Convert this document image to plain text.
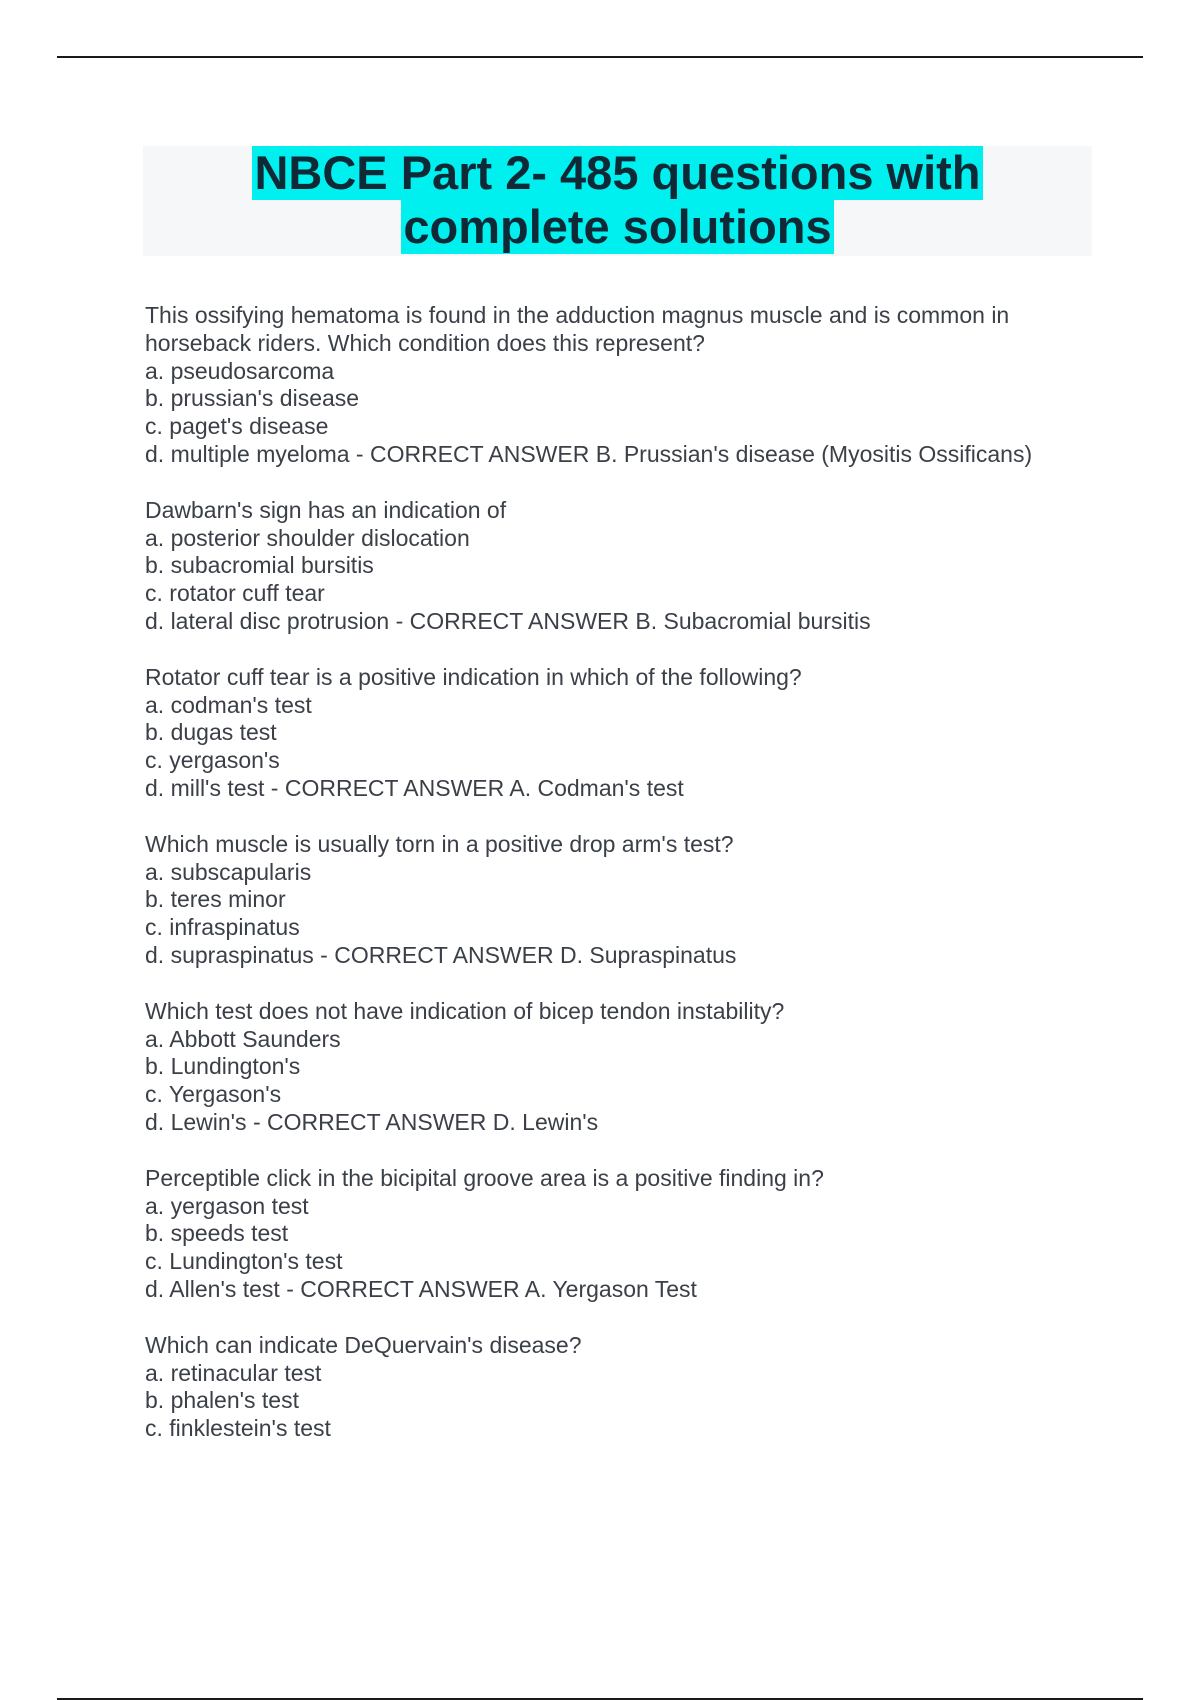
NBCE Part 2- 485 questions with
complete solutions
This ossifying hematoma is found in the adduction magnus muscle and is common in
horseback riders. Which condition does this represent?
a. pseudosarcoma
b. prussian's disease
c. paget's disease
d. multiple myeloma - CORRECT ANSWER B. Prussian's disease (Myositis Ossificans)
Dawbarn's sign has an indication of
a. posterior shoulder dislocation
b. subacromial bursitis
c. rotator cuff tear
d. lateral disc protrusion - CORRECT ANSWER B. Subacromial bursitis
Rotator cuff tear is a positive indication in which of the following?
a. codman's test
b. dugas test
c. yergason's
d. mill's test - CORRECT ANSWER A. Codman's test
Which muscle is usually torn in a positive drop arm's test?
a. subscapularis
b. teres minor
c. infraspinatus
d. supraspinatus - CORRECT ANSWER D. Supraspinatus
Which test does not have indication of bicep tendon instability?
a. Abbott Saunders
b. Lundington's
c. Yergason's
d. Lewin's - CORRECT ANSWER D. Lewin's
Perceptible click in the bicipital groove area is a positive finding in?
a. yergason test
b. speeds test
c. Lundington's test
d. Allen's test - CORRECT ANSWER A. Yergason Test
Which can indicate DeQuervain's disease?
a. retinacular test
b. phalen's test
c. finklestein's test
